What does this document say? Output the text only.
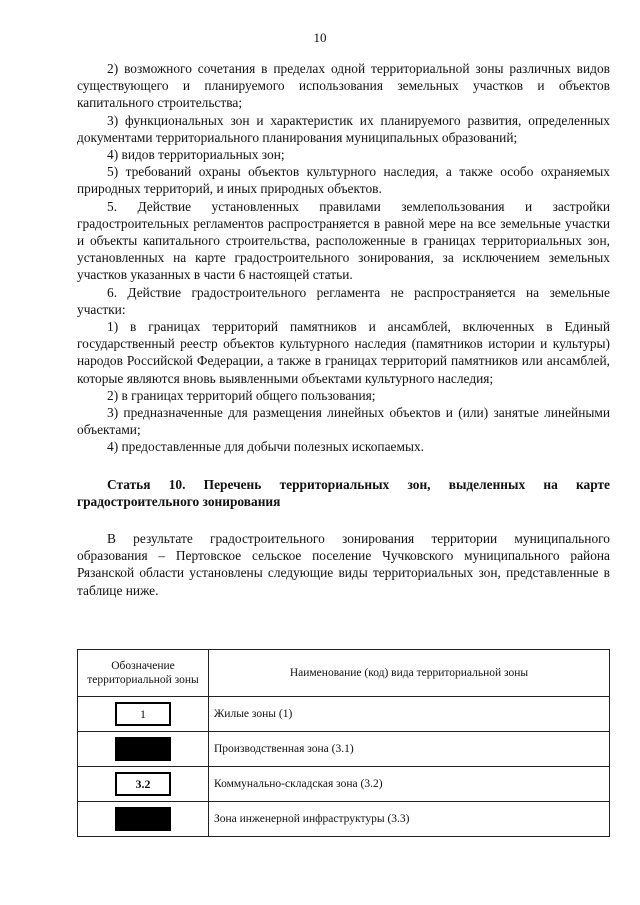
10

2) возможного сочетания в пределах одной территориальной зоны различных видов существующего и планируемого использования земельных участков и объектов капитального строительства;

3) функциональных зон и характеристик их планируемого развития, определенных документами территориального планирования муниципальных образований;

4) видов территориальных зон;

5) требований охраны объектов культурного наследия, а также особо охраняемых природных территорий, и иных природных объектов.

5. Действие установленных правилами землепользования и застройки градостроительных регламентов распространяется в равной мере на все земельные участки и объекты капитального строительства, расположенные в границах территориальных зон, установленных на карте градостроительного зонирования, за исключением земельных участков указанных в части 6 настоящей статьи.

6. Действие градостроительного регламента не распространяется на земельные участки:

1) в границах территорий памятников и ансамблей, включенных в Единый государственный реестр объектов культурного наследия (памятников истории и культуры) народов Российской Федерации, а также в границах территорий памятников или ансамблей, которые являются вновь выявленными объектами культурного наследия;

2) в границах территорий общего пользования;

3) предназначенные для размещения линейных объектов и (или) занятые линейными объектами;

4) предоставленные для добычи полезных ископаемых.

Статья 10. Перечень территориальных зон, выделенных на карте градостроительного зонирования

В результате градостроительного зонирования территории муниципального образования – Пертовское сельское поселение Чучковского муниципального района Рязанской области установлены следующие виды территориальных зон, представленные в таблице ниже.

Обозначение территориальной зоны	Наименование (код) вида территориальной зоны
1	Жилые зоны (1)
	Производственная зона (3.1)
3.2	Коммунально-складская зона (3.2)
	Зона инженерной инфраструктуры (3.3)
